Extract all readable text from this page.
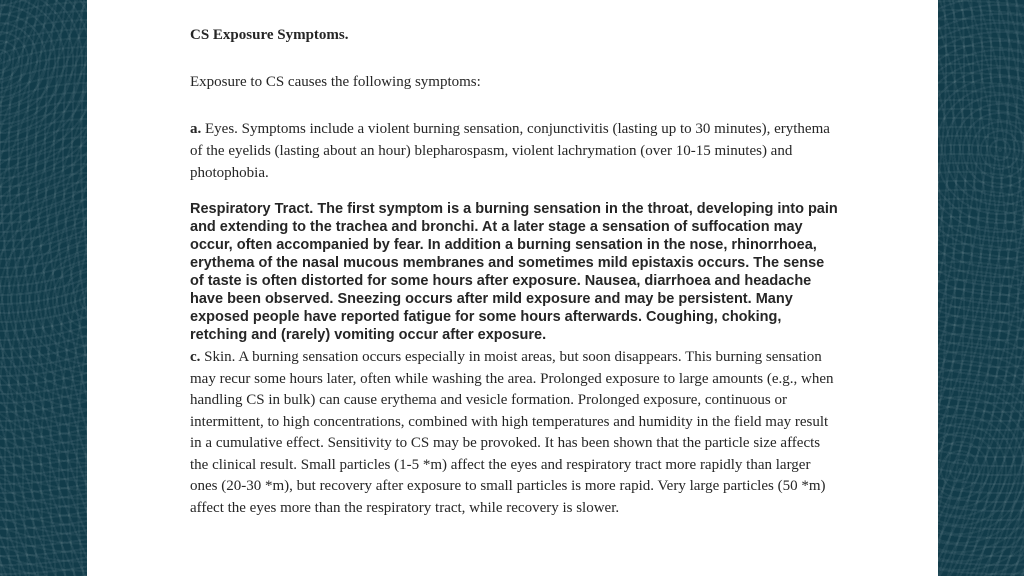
CS Exposure Symptoms.

Exposure to CS causes the following symptoms:

a. Eyes. Symptoms include a violent burning sensation, conjunctivitis (lasting up to 30 minutes), erythema of the eyelids (lasting about an hour) blepharospasm, violent lachrymation (over 10-15 minutes) and photophobia.

Respiratory Tract. The first symptom is a burning sensation in the throat, developing into pain and extending to the trachea and bronchi. At a later stage a sensation of suffocation may occur, often accompanied by fear. In addition a burning sensation in the nose, rhinorrhoea, erythema of the nasal mucous membranes and sometimes mild epistaxis occurs. The sense of taste is often distorted for some hours after exposure. Nausea, diarrhoea and headache have been observed. Sneezing occurs after mild exposure and may be persistent. Many exposed people have reported fatigue for some hours afterwards. Coughing, choking, retching and (rarely) vomiting occur after exposure.

c. Skin. A burning sensation occurs especially in moist areas, but soon disappears. This burning sensation may recur some hours later, often while washing the area. Prolonged exposure to large amounts (e.g., when handling CS in bulk) can cause erythema and vesicle formation. Prolonged exposure, continuous or intermittent, to high concentrations, combined with high temperatures and humidity in the field may result in a cumulative effect. Sensitivity to CS may be provoked. It has been shown that the particle size affects the clinical result. Small particles (1-5 *m) affect the eyes and respiratory tract more rapidly than larger ones (20-30 *m), but recovery after exposure to small particles is more rapid. Very large particles (50 *m) affect the eyes more than the respiratory tract, while recovery is slower.
